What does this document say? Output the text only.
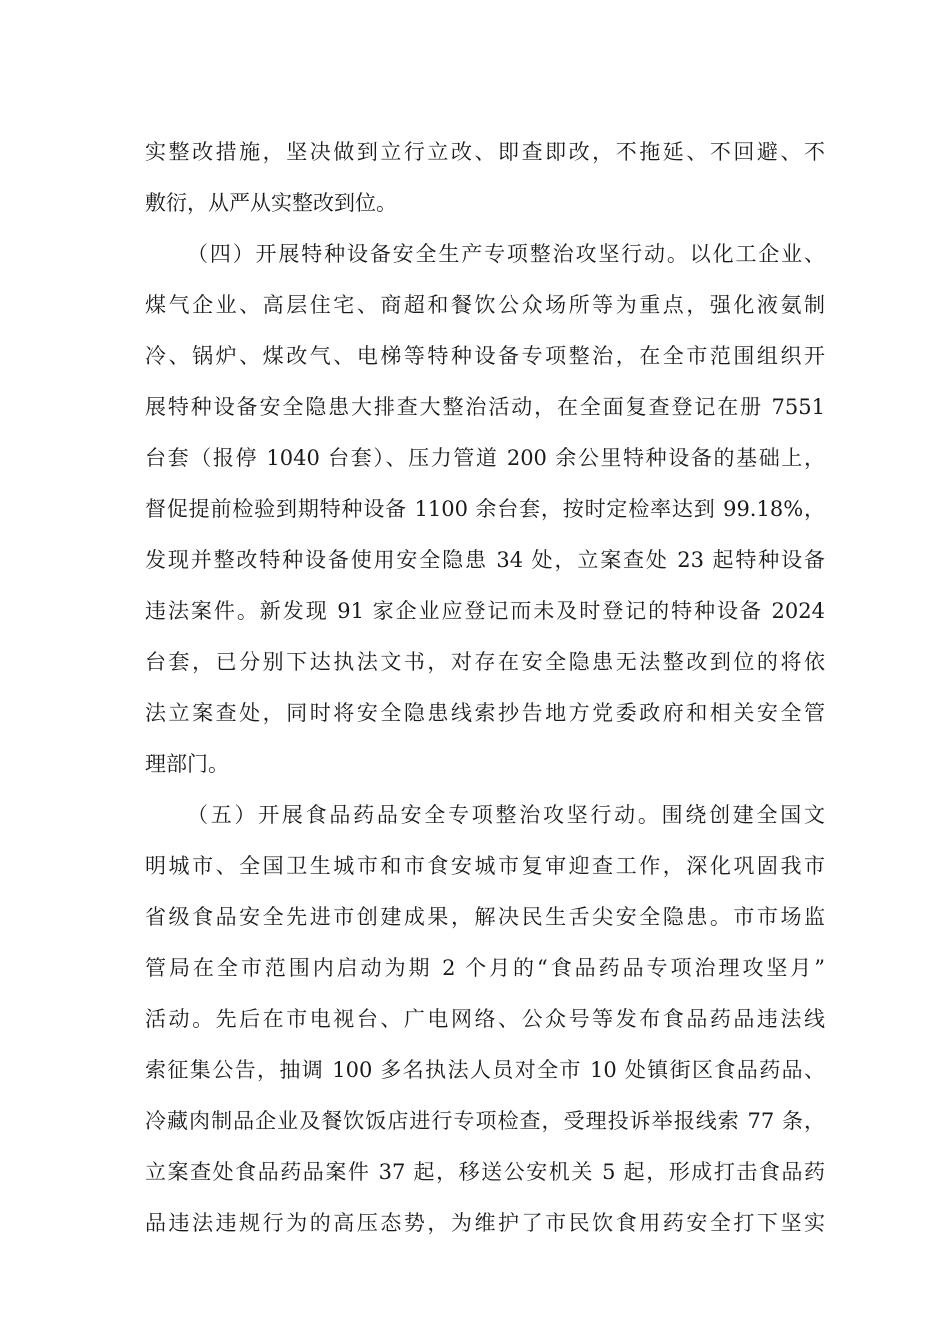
实整改措施，坚决做到立行立改、即查即改，不拖延、不回避、不
敷衍，从严从实整改到位。
（四）开展特种设备安全生产专项整治攻坚行动。以化工企业、
煤气企业、高层住宅、商超和餐饮公众场所等为重点，强化液氨制
冷、锅炉、煤改气、电梯等特种设备专项整治，在全市范围组织开
展特种设备安全隐患大排查大整治活动，在全面复查登记在册 7551
台套（报停 1040 台套）、压力管道 200 余公里特种设备的基础上，
督促提前检验到期特种设备 1100 余台套，按时定检率达到 99.18%，
发现并整改特种设备使用安全隐患 34 处，立案查处 23 起特种设备
违法案件。新发现 91 家企业应登记而未及时登记的特种设备 2024
台套，已分别下达执法文书，对存在安全隐患无法整改到位的将依
法立案查处，同时将安全隐患线索抄告地方党委政府和相关安全管
理部门。
（五）开展食品药品安全专项整治攻坚行动。围绕创建全国文
明城市、全国卫生城市和市食安城市复审迎查工作，深化巩固我市
省级食品安全先进市创建成果，解决民生舌尖安全隐患。市市场监
管局在全市范围内启动为期 2 个月的“食品药品专项治理攻坚月”
活动。先后在市电视台、广电网络、公众号等发布食品药品违法线
索征集公告，抽调 100 多名执法人员对全市 10 处镇街区食品药品、
冷藏肉制品企业及餐饮饭店进行专项检查，受理投诉举报线索 77 条，
立案查处食品药品案件 37 起，移送公安机关 5 起，形成打击食品药
品违法违规行为的高压态势，为维护了市民饮食用药安全打下坚实
